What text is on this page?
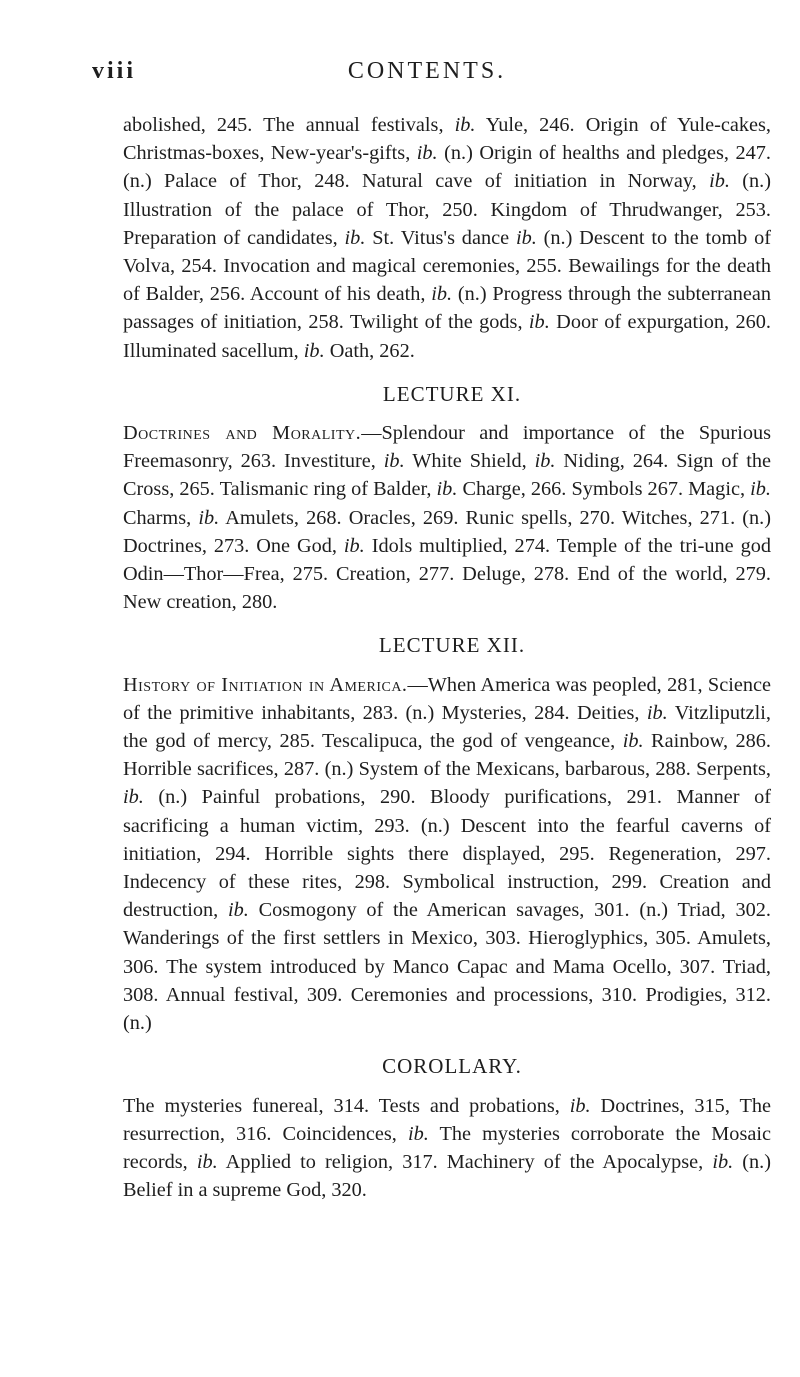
viii	CONTENTS.

abolished, 245. The annual festivals, ib. Yule, 246. Origin of Yule-cakes, Christmas-boxes, New-year's-gifts, ib. (n.) Origin of healths and pledges, 247. (n.) Palace of Thor, 248. Natural cave of initiation in Norway, ib. (n.) Illustration of the palace of Thor, 250. Kingdom of Thrudwanger, 253. Preparation of candidates, ib. St. Vitus's dance ib. (n.) Descent to the tomb of Volva, 254. Invocation and magical ceremonies, 255. Bewailings for the death of Balder, 256. Account of his death, ib. (n.) Progress through the subterranean passages of initiation, 258. Twilight of the gods, ib. Door of expurgation, 260. Illuminated sacellum, ib. Oath, 262.

LECTURE XI.

Doctrines and Morality.—Splendour and importance of the Spurious Freemasonry, 263. Investiture, ib. White Shield, ib. Niding, 264. Sign of the Cross, 265. Talismanic ring of Balder, ib. Charge, 266. Symbols 267. Magic, ib. Charms, ib. Amulets, 268. Oracles, 269. Runic spells, 270. Witches, 271. (n.) Doctrines, 273. One God, ib. Idols multiplied, 274. Temple of the tri-une god Odin—Thor—Frea, 275. Creation, 277. Deluge, 278. End of the world, 279. New creation, 280.

LECTURE XII.

History of Initiation in America.—When America was peopled, 281, Science of the primitive inhabitants, 283. (n.) Mysteries, 284. Deities, ib. Vitzliputzli, the god of mercy, 285. Tescalipuca, the god of vengeance, ib. Rainbow, 286. Horrible sacrifices, 287. (n.) System of the Mexicans, barbarous, 288. Serpents, ib. (n.) Painful probations, 290. Bloody purifications, 291. Manner of sacrificing a human victim, 293. (n.) Descent into the fearful caverns of initiation, 294. Horrible sights there displayed, 295. Regeneration, 297. Indecency of these rites, 298. Symbolical instruction, 299. Creation and destruction, ib. Cosmogony of the American savages, 301. (n.) Triad, 302. Wanderings of the first settlers in Mexico, 303. Hieroglyphics, 305. Amulets, 306. The system introduced by Manco Capac and Mama Ocello, 307. Triad, 308. Annual festival, 309. Ceremonies and processions, 310. Prodigies, 312. (n.)

COROLLARY.

The mysteries funereal, 314. Tests and probations, ib. Doctrines, 315, The resurrection, 316. Coincidences, ib. The mysteries corroborate the Mosaic records, ib. Applied to religion, 317. Machinery of the Apocalypse, ib. (n.) Belief in a supreme God, 320.
